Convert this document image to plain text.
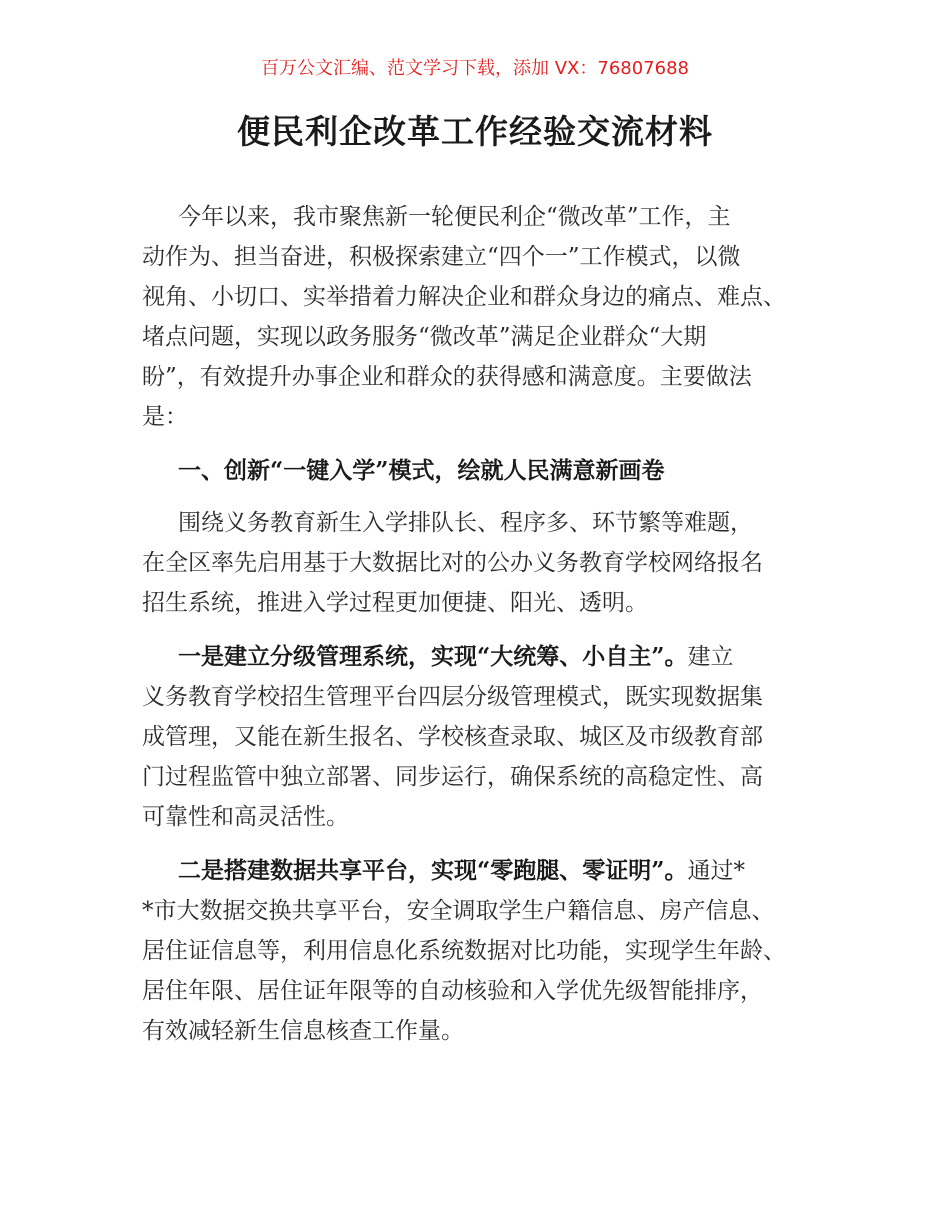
百万公文汇编、范文学习下载，添加 VX：76807688
便民利企改革工作经验交流材料
今年以来，我市聚焦新一轮便民利企“微改革”工作，主
动作为、担当奋进，积极探索建立“四个一”工作模式，以微
视角、小切口、实举措着力解决企业和群众身边的痛点、难点、
堵点问题，实现以政务服务“微改革”满足企业群众“大期
盼”，有效提升办事企业和群众的获得感和满意度。主要做法
是：
一、创新“一键入学”模式，绘就人民满意新画卷
围绕义务教育新生入学排队长、程序多、环节繁等难题，
在全区率先启用基于大数据比对的公办义务教育学校网络报名
招生系统，推进入学过程更加便捷、阳光、透明。
一是建立分级管理系统，实现“大统筹、小自主”。建立
义务教育学校招生管理平台四层分级管理模式，既实现数据集
成管理，又能在新生报名、学校核查录取、城区及市级教育部
门过程监管中独立部署、同步运行，确保系统的高稳定性、高
可靠性和高灵活性。
二是搭建数据共享平台，实现“零跑腿、零证明”。通过*
*市大数据交换共享平台，安全调取学生户籍信息、房产信息、
居住证信息等，利用信息化系统数据对比功能，实现学生年龄、
居住年限、居住证年限等的自动核验和入学优先级智能排序，
有效减轻新生信息核查工作量。
